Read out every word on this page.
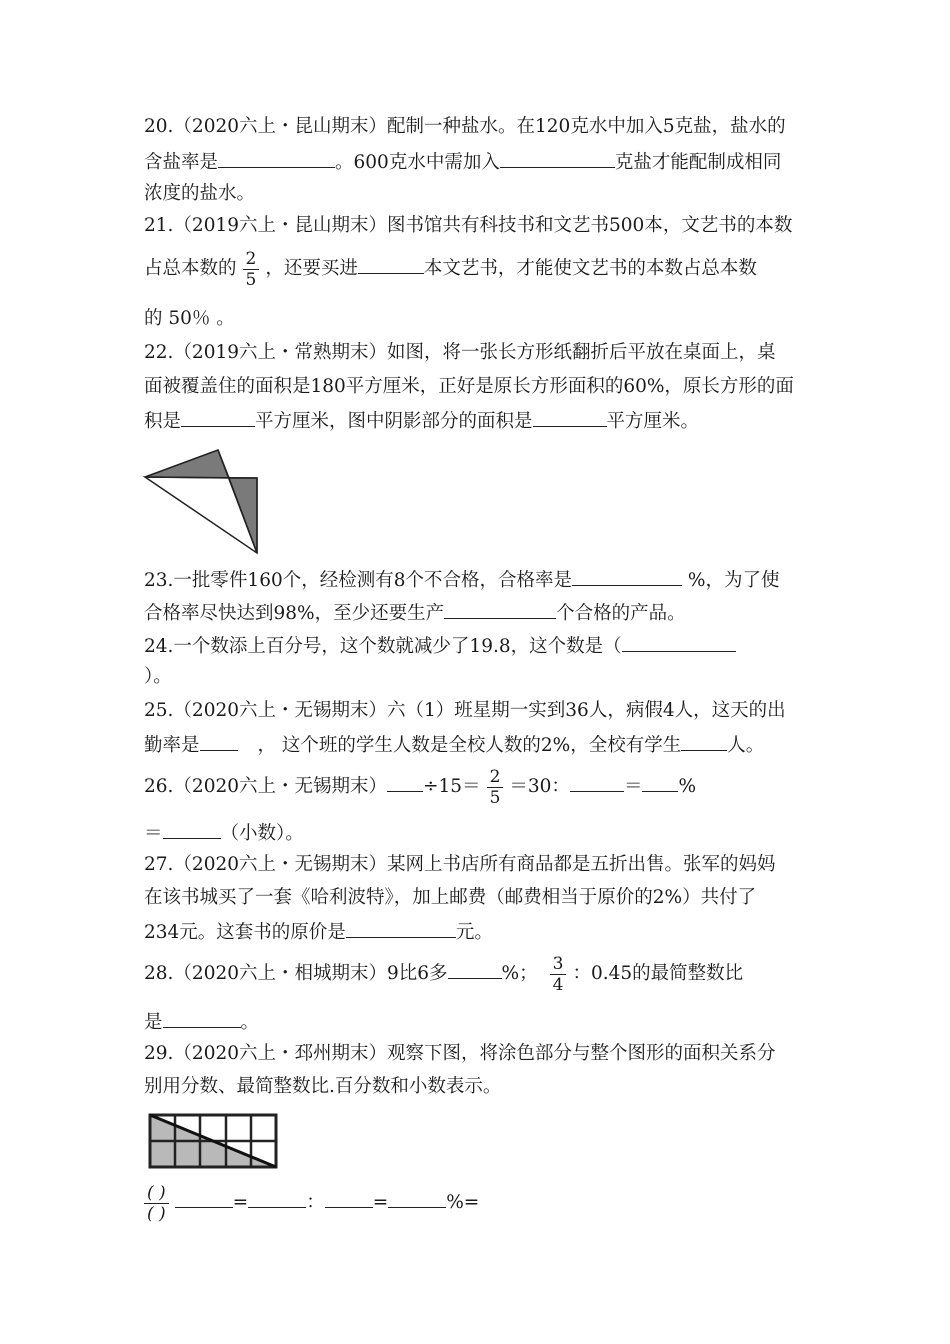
20.（2020六上・昆山期末）配制一种盐水。在120克水中加入5克盐，盐水的
含盐率是	。600克水中需加入	克盐才能配制成相同
浓度的盐水。
21.（2019六上・昆山期末）图书馆共有科技书和文艺书500本，文艺书的本数
占总本数的 $\frac{2}{5}$ ，还要买进	本文艺书，才能使文艺书的本数占总本数
的 50％ 。
22.（2019六上・常熟期末）如图，将一张长方形纸翻折后平放在桌面上，桌
面被覆盖住的面积是180平方厘米，正好是原长方形面积的60%，原长方形的面
积是	平方厘米，图中阴影部分的面积是	平方厘米。
23.一批零件160个，经检测有8个不合格，合格率是	%，为了使
合格率尽快达到98%，至少还要生产	个合格的产品。
24.一个数添上百分号，这个数就减少了19.8，这个数是（
）。
25.（2020六上・无锡期末）六（1）班星期一实到36人，病假4人，这天的出
勤率是	， 这个班的学生人数是全校人数的2%，全校有学生 人。
26.（2020六上・无锡期末） $\div 15= \frac{2}{5} =30$：	＝ %
＝	（小数）。
27.（2020六上・无锡期末）某网上书店所有商品都是五折出售。张军的妈妈
在该书城买了一套《哈利波特》，加上邮费（邮费相当于原价的2%）共付了
234元。这套书的原价是	元。
28.（2020六上・相城期末）9比6多	%； $\frac{3}{4}$ ：0.45的最简整数比
是	。
29.（2020六上・邳州期末）观察下图，将涂色部分与整个图形的面积关系分
别用分数、最简整数比.百分数和小数表示。
$\frac{( )}{( )}$	=	：	=	%=
